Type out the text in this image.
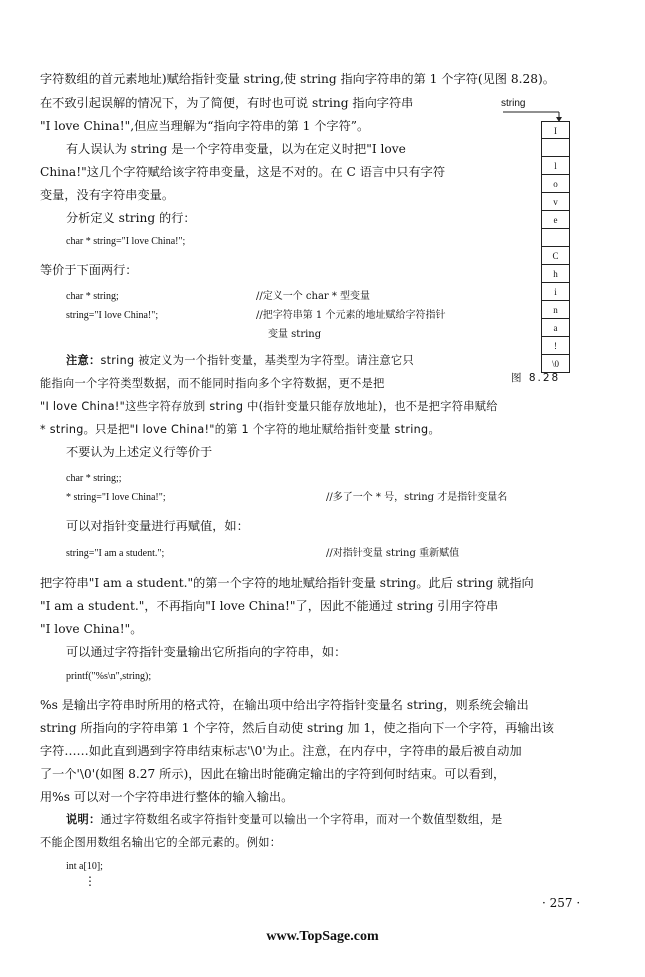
字符数组的首元素地址)赋给指针变量 string,使 string 指向字符串的第 1 个字符(见图 8.28)。

在不致引起误解的情况下，为了简便，有时也可说 string 指向字符串

"I love China!",但应当理解为“指向字符串的第 1 个字符”。

有人误认为 string 是一个字符串变量，以为在定义时把"I love

China!"这几个字符赋给该字符串变量，这是不对的。在 C 语言中只有字符

变量，没有字符串变量。

分析定义 string 的行：

char * string="I love China!";

等价于下面两行：

char * string;	//定义一个 char * 型变量

string="I love China!";	//把字符串第 1 个元素的地址赋给字符指针

变量 string

注意：string 被定义为一个指针变量，基类型为字符型。请注意它只

能指向一个字符类型数据，而不能同时指向多个字符数据，更不是把

"I love China!"这些字符存放到 string 中(指针变量只能存放地址)，也不是把字符串赋给

* string。只是把"I love China!"的第 1 个字符的地址赋给指针变量 string。

不要认为上述定义行等价于

char * string;;

* string="I love China!";	//多了一个 * 号，string 才是指针变量名

可以对指针变量进行再赋值，如：

string="I am a student.";	//对指针变量 string 重新赋值

把字符串"I am a student."的第一个字符的地址赋给指针变量 string。此后 string 就指向

"I am a student."，不再指向"I love China!"了，因此不能通过 string 引用字符串

"I love China!"。

可以通过字符指针变量输出它所指向的字符串，如：

printf("%s\n",string);

%s 是输出字符串时所用的格式符，在输出项中给出字符指针变量名 string，则系统会输出

string 所指向的字符串第 1 个字符，然后自动使 string 加 1，使之指向下一个字符，再输出该

字符……如此直到遇到字符串结束标志'\0'为止。注意，在内存中，字符串的最后被自动加

了一个'\0'(如图 8.27 所示)，因此在输出时能确定输出的字符到何时结束。可以看到，

用%s 可以对一个字符串进行整体的输入输出。

说明：通过字符数组名或字符指针变量可以输出一个字符串，而对一个数值型数组，是

不能企图用数组名输出它的全部元素的。例如：

int a[10];

⋮
string
I
l
o
v
e
C
h
i
n
a
!
\0
图 8.28
· 257 ·
www.TopSage.com
